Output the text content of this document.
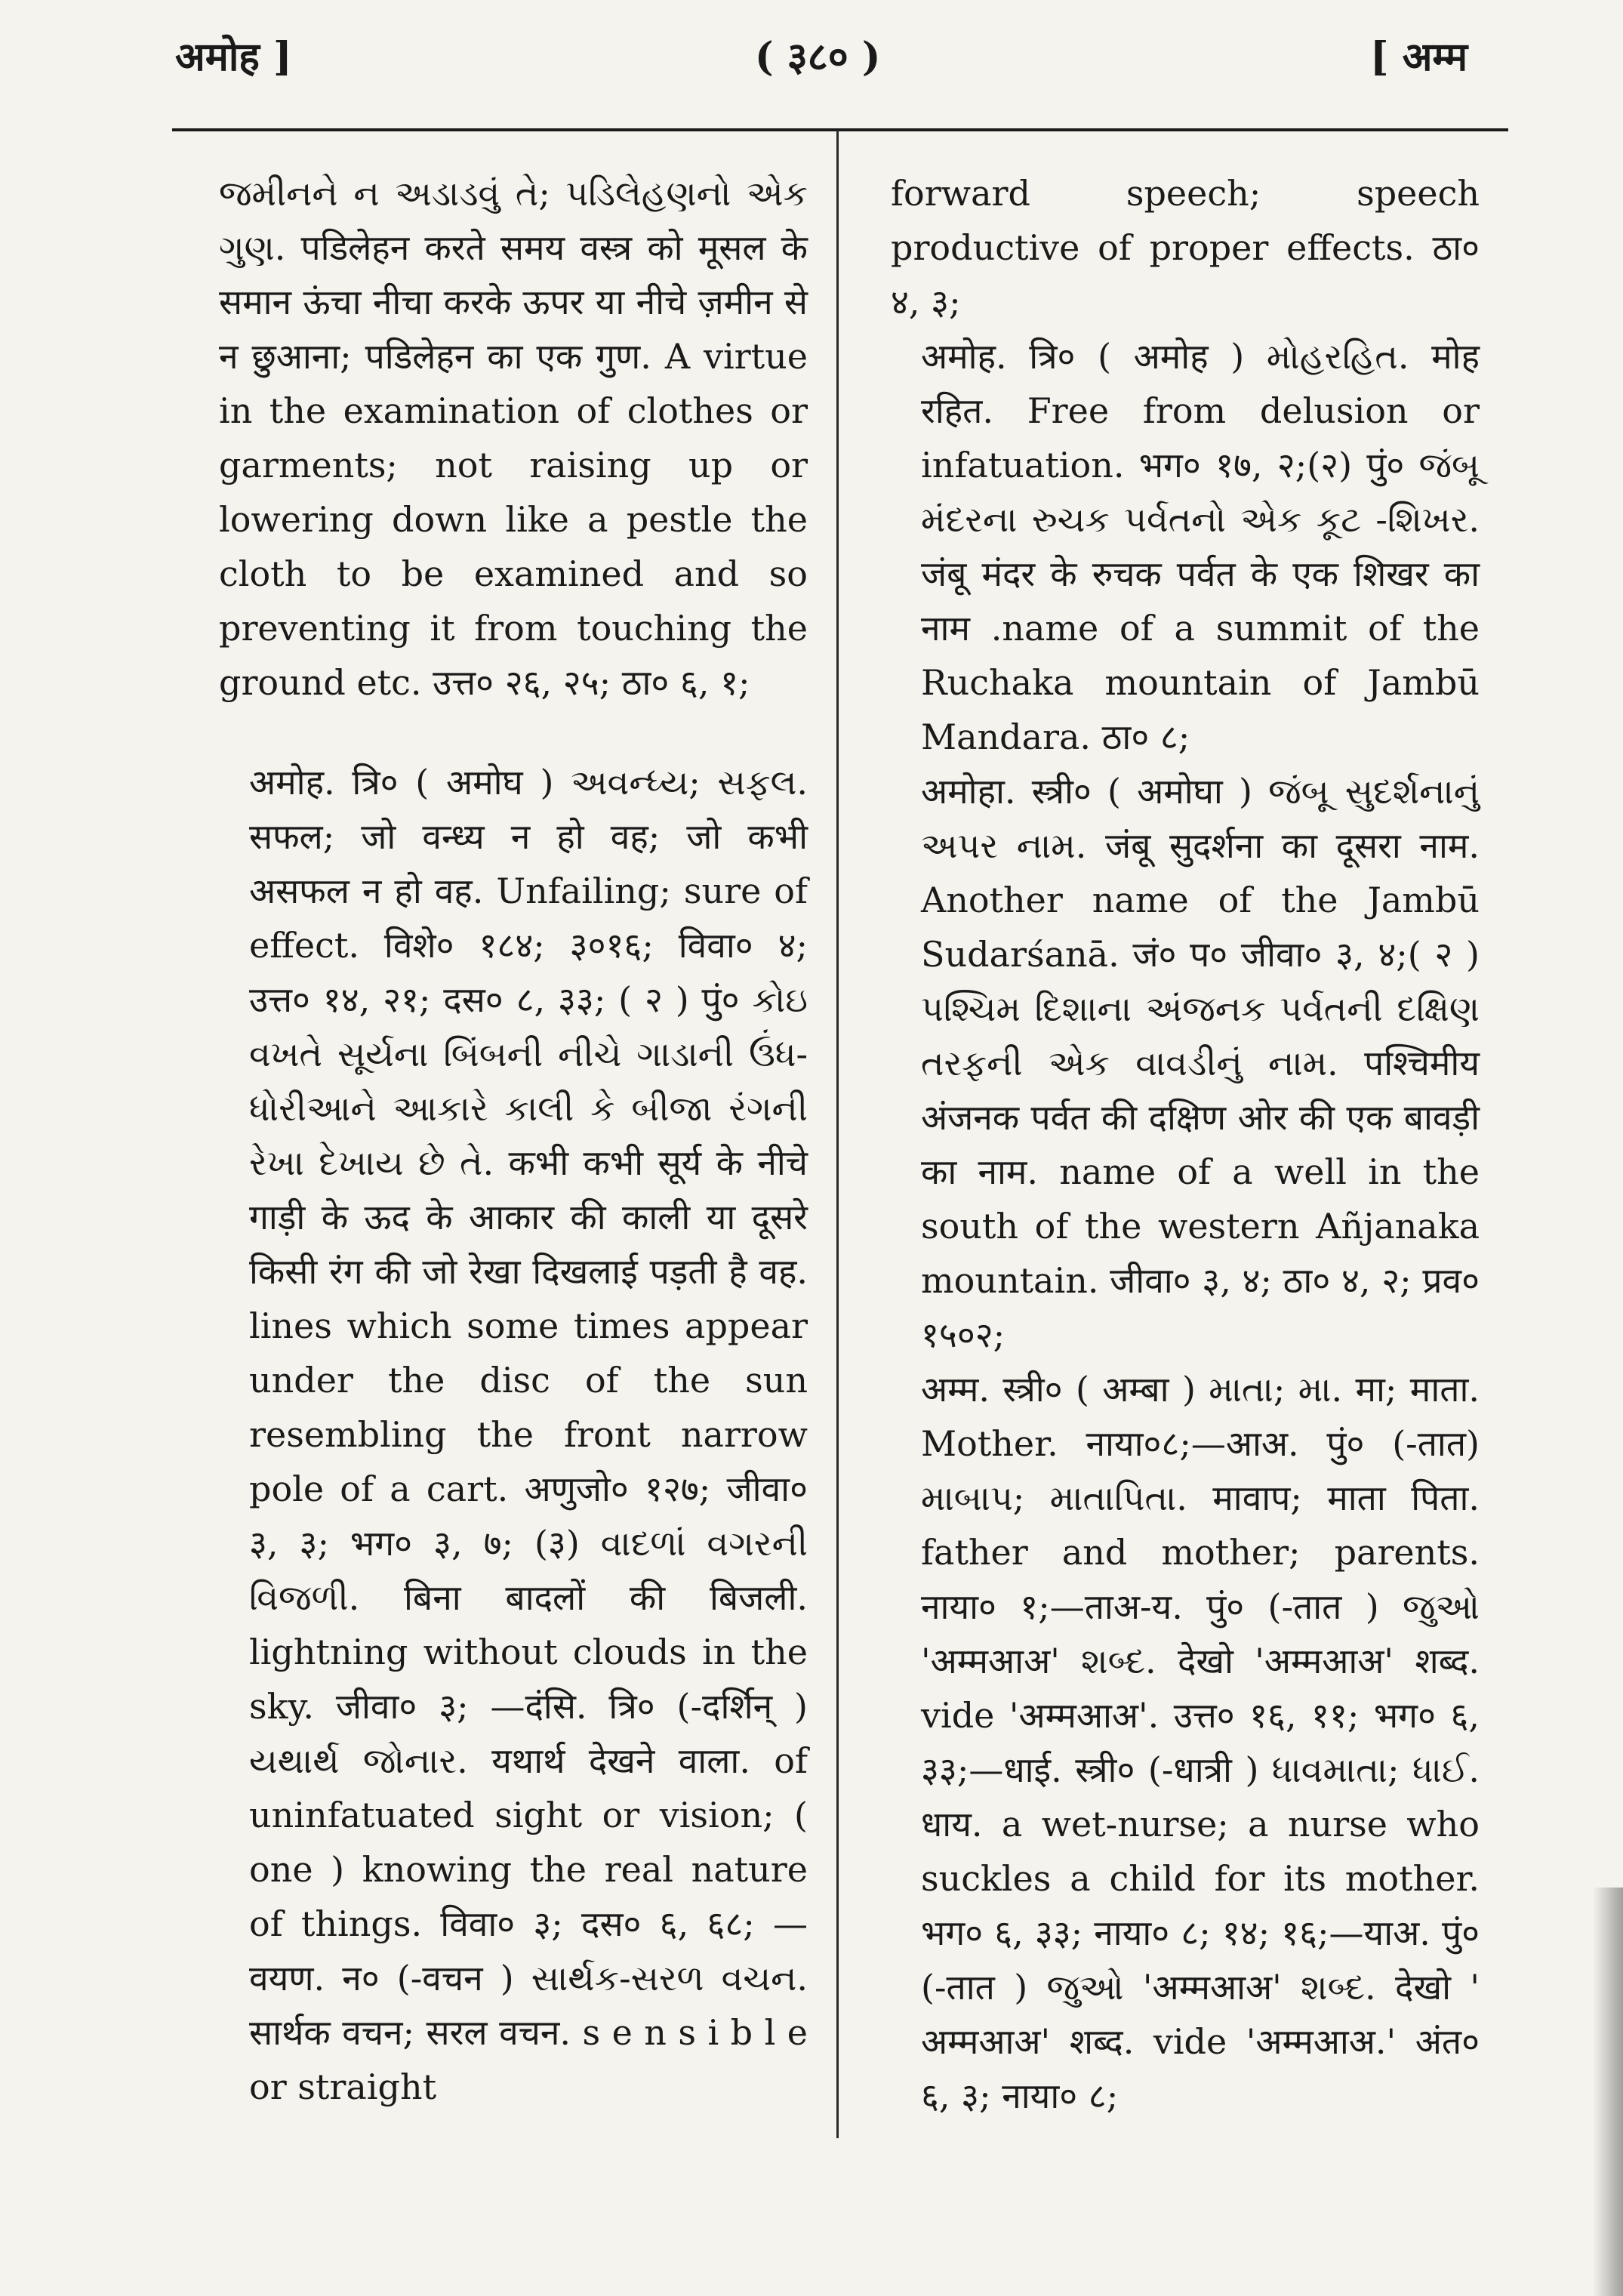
अमोह ]	( ३८० )	[ अम्म

જમીનને ન અડાડવું તે; પડિલેહણનો એક ગુણ. पडिलेहन करते समय वस्त्र को मूसल के समान ऊंचा नीचा करके ऊपर या नीचे ज़मीन से न छुआना; पडिलेहन का एक गुण. A virtue in the examination of clothes or garments; not raising up or lowering down like a pestle the cloth to be examined and so preventing it from touching the ground etc. उत्त० २६, २५; ठा० ६, १;

अमोह. त्रि० ( अमोघ ) અવન્ધ્ય; સફલ. सफल; जो वन्ध्य न हो वह; जो कभी असफल न हो वह. Unfailing; sure of effect. विशे० १८४; ३०१६; विवा० ४; उत्त० १४, २१; दस० ८, ३३; ( २ ) पुं० કોઇ વખતે સૂર્યના બિંબની નીચે ગાડાની ઉંધ-ધોરીઆને આકારે કાલી કે બીજા રંગની રેખા દેખાય છે તે. कभी कभी सूर्य के नीचे गाड़ी के ऊद के आकार की काली या दूसरे किसी रंग की जो रेखा दिखलाई पड़ती है वह. lines which some times appear under the disc of the sun resembling the front narrow pole of a cart. अणुजो० १२७; जीवा० ३, ३; भग० ३, ७; (३) વાદળાં વગરની વિજળી. बिना बादलों की बिजली. lightning without clouds in the sky. जीवा० ३; —दंसि. त्रि० (-दर्शिन् ) યથાર્થ જોનાર. यथार्थ देखने वाला. of uninfatuated sight or vision; ( one ) knowing the real nature of things. विवा० ३; दस० ६, ६८; —वयण. न० (-वचन ) સાર્થક-સરળ વચન. सार्थक वचन; सरल वचन. s e n s i b l e or straight

forward speech; speech productive of proper effects. ठा० ४, ३;

अमोह. त्रि० ( अमोह ) મોહરહિત. मोह रहित. Free from delusion or infatuation. भग० १७, २;(२) पुं० જંબૂ મંદરના રુચક પર્વતનો એક કૂટ -શિખર. जंबू मंदर के रुचक पर्वत के एक शिखर का नाम .name of a summit of the Ruchaka mountain of Jambū Mandara. ठा० ८;

अमोहा. स्त्री० ( अमोघा ) જંબૂ સુદર્શનાનું અપર નામ. जंबू सुदर्शना का दूसरा नाम. Another name of the Jambū Sudarśanā. जं० प० जीवा० ३, ४;( २ ) પશ્ચિમ દિશાના અંજનક પર્વતની દક્ષિણ તરફની એક વાવડીનું નામ. पश्चिमीय अंजनक पर्वत की दक्षिण ओर की एक बावड़ी का नाम. name of a well in the south of the western Añjanaka mountain. जीवा० ३, ४; ठा० ४, २; प्रव० १५०२;

अम्म. स्त्री० ( अम्बा ) માતા; મા. मा; माता. Mother. नाया०८;—आअ. पुं० (-तात) માબાપ; માતાપિતા. मावाप; माता पिता. father and mother; parents. नाया० १;—ताअ-य. पुं० (-तात ) જુઓ 'अम्मआअ' શબ્દ. देखो 'अम्मआअ' शब्द. vide 'अम्मआअ'. उत्त० १६, ११; भग० ६, ३३;—धाई. स्त्री० (-धात्री ) ધાવમાતા; ધાઈ. धाय. a wet-nurse; a nurse who suckles a child for its mother. भग० ६, ३३; नाया० ८; १४; १६;—याअ. पुं० (-तात ) જુઓ 'अम्मआअ' શબ્દ. देखो ' अम्मआअ' शब्द. vide 'अम्मआअ.' अंत० ६, ३; नाया० ८;
